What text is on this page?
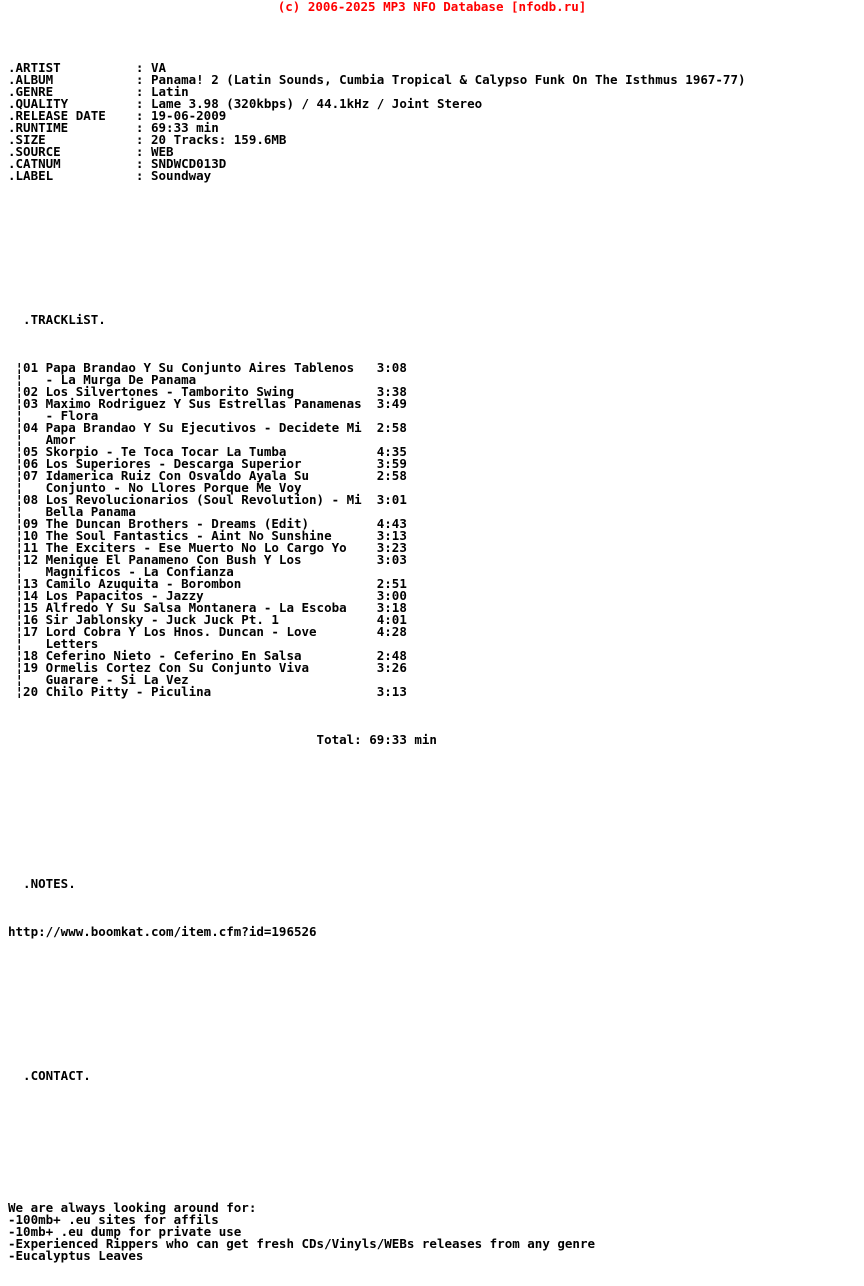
(c) 2006-2025 MP3 NFO Database [nfodb.ru]

.ARTIST          : VA
.ALBUM           : Panama! 2 (Latin Sounds, Cumbia Tropical & Calypso Funk On The Isthmus 1967-77)
.GENRE           : Latin
.QUALITY         : Lame 3.98 (320kbps) / 44.1kHz / Joint Stereo
.RELEASE DATE    : 19-06-2009
.RUNTIME         : 69:33 min
.SIZE            : 20 Tracks: 159.6MB
.SOURCE          : WEB
.CATNUM          : SNDWCD013D
.LABEL           : Soundway

.TRACKLiST.

¦01 Papa Brandao Y Su Conjunto Aires Tablenos   3:08
¦   - La Murga De Panama
¦02 Los Silvertones - Tamborito Swing           3:38
¦03 Maximo Rodriguez Y Sus Estrellas Panamenas  3:49
¦   - Flora
¦04 Papa Brandao Y Su Ejecutivos - Decidete Mi  2:58
¦   Amor
¦05 Skorpio - Te Toca Tocar La Tumba            4:35
¦06 Los Superiores - Descarga Superior          3:59
¦07 Idamerica Ruiz Con Osvaldo Ayala Su         2:58
¦   Conjunto - No Llores Porque Me Voy
¦08 Los Revolucionarios (Soul Revolution) - Mi  3:01
¦   Bella Panama
¦09 The Duncan Brothers - Dreams (Edit)         4:43
¦10 The Soul Fantastics - Aint No Sunshine      3:13
¦11 The Exciters - Ese Muerto No Lo Cargo Yo    3:23
¦12 Menique El Panameno Con Bush Y Los          3:03
¦   Magnificos - La Confianza
¦13 Camilo Azuquita - Borombon                  2:51
¦14 Los Papacitos - Jazzy                       3:00
¦15 Alfredo Y Su Salsa Montanera - La Escoba    3:18
¦16 Sir Jablonsky - Juck Juck Pt. 1             4:01
¦17 Lord Cobra Y Los Hnos. Duncan - Love        4:28
¦   Letters
¦18 Ceferino Nieto - Ceferino En Salsa          2:48
¦19 Ormelis Cortez Con Su Conjunto Viva         3:26
¦   Guarare - Si La Vez
¦20 Chilo Pitty - Piculina                      3:13

Total: 69:33 min

.NOTES.

http://www.boomkat.com/item.cfm?id=196526

.CONTACT.

We are always looking around for:
-100mb+ .eu sites for affils
-10mb+ .eu dump for private use
-Experienced Rippers who can get fresh CDs/Vinyls/WEBs releases from any genre
-Eucalyptus Leaves
